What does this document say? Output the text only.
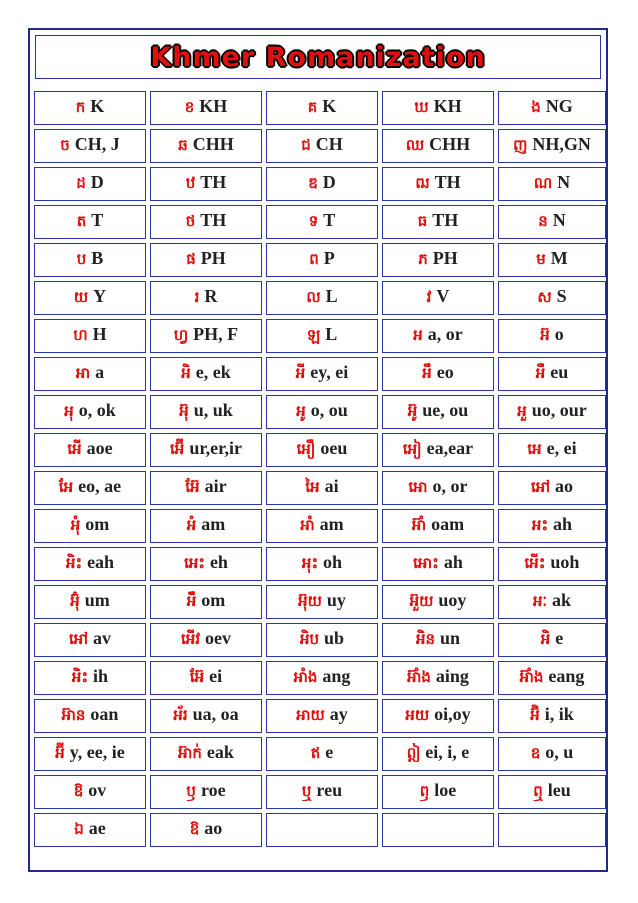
Khmer Romanization
ក K	ខ KH	គ K	ឃ KH	ង NG
ច CH, J	ឆ CHH	ជ CH	ឈ CHH	ញ NH,GN
ដ D	ឋ TH	ឌ D	ឍ TH	ណ N
ត T	ថ TH	ទ T	ធ TH	ន N
ប B	ផ PH	ព P	ភ PH	ម M
យ Y	រ R	ល L	វ V	ស S
ហ H	ហ្វ PH, F	ឡ L	អ a, or	អ៊ o
អា a	អិ e, ek	អី ey, ei	អឹ eo	អឺ eu
អុ o, ok	អ៊ុ u, uk	អូ o, ou	អ៊ូ ue, ou	អួ uo, our
អើ aoe	អ៊ើ ur,er,ir	អឿ oeu	អៀ ea,ear	អេ e, ei
អែ eo, ae	អ៊ែ air	អៃ ai	អោ o, or	អៅ ao
អុំ om	អំ am	អាំ am	អ៊ាំ oam	អះ ah
អិះ eah	អេះ eh	អុះ oh	អោះ ah	អើះ uoh
អ៊ុំ um	អឹំ om	អ៊ុយ uy	អ៊ួយ uoy	អៈ ak
អៅ av	អើវ oev	អិប ub	អិន un	អិ e
អិះ ih	អ៊ែ ei	អាំង ang	អ៊ាំង aing	អ៊ាំង eang
អ៊ាន oan	អ័រ ua, oa	អាយ ay	អយ oi,oy	អ៊ិ i, ik
អ៊ី y, ee, ie	អ៊ាក់ eak	ឥ e	ឦ ei, i, e	ឧ o, u
ឱ ov	ឫ roe	ឬ reu	ឭ loe	ឮ leu
ឯ ae	ឱ ao			
